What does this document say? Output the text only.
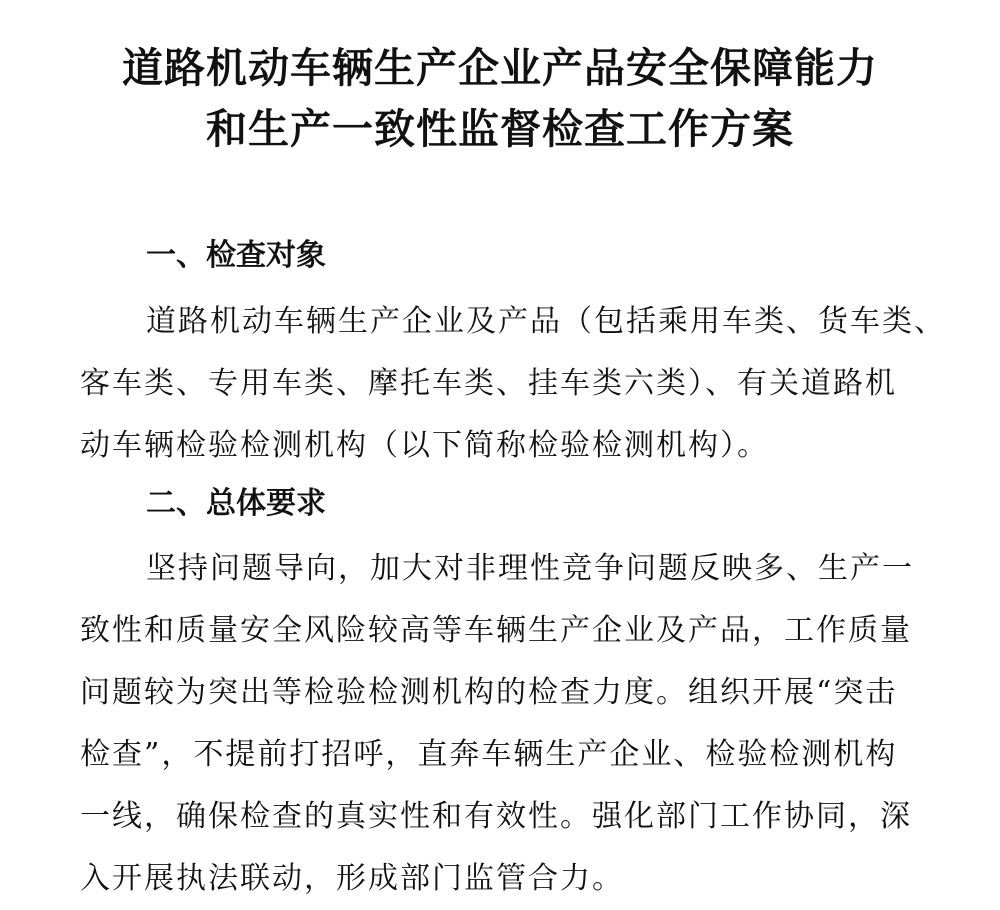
道路机动车辆生产企业产品安全保障能力
和生产一致性监督检查工作方案
一、检查对象
道路机动车辆生产企业及产品（包括乘用车类、货车类、
客车类、专用车类、摩托车类、挂车类六类）、有关道路机
动车辆检验检测机构（以下简称检验检测机构）。
二、总体要求
坚持问题导向，加大对非理性竞争问题反映多、生产一
致性和质量安全风险较高等车辆生产企业及产品，工作质量
问题较为突出等检验检测机构的检查力度。组织开展“突击
检查”，不提前打招呼，直奔车辆生产企业、检验检测机构
一线，确保检查的真实性和有效性。强化部门工作协同，深
入开展执法联动，形成部门监管合力。
